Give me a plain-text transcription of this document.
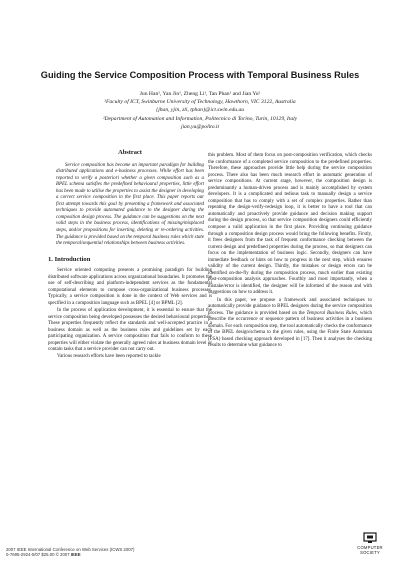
Guiding the Service Composition Process with Temporal Business Rules
Jun Han¹, Yan Jin¹, Zheng Li¹, Tan Phan¹ and Jian Yu²
¹Faculty of ICT, Swinburne University of Technology, Hawthorn, VIC 3122, Australia
{jhan, yjin, zli, tphan}@ict.swin.edu.au
²Department of Automation and Information, Politecnico di Torino, Turin, 10129, Italy
jian.yu@polito.it
Abstract

Service composition has become an important paradigm for building distributed applications and e-business processes. While effort has been reported to verify a posteriori whether a given composition such as a BPEL schema satisfies the predefined behavioural properties, little effort has been made to utilise the properties to assist the designer in developing a correct service composition in the first place. This paper reports our first attempt towards this goal by presenting a framework and associated techniques to provide automated guidance to the designer during the composition design process. The guidance can be suggestions on the next valid steps in the business process, identifications of missing/misplaced steps, and/or propositions for inserting, deleting or re-ordering activities. The guidance is provided based on the temporal business rules which state the temporal/sequential relationships between business activities.

1. Introduction

Service oriented computing presents a promising paradigm for building distributed software applications across organizational boundaries. It promotes the use of self-describing and platform-independent services as the fundamental computational elements to compose cross-organizational business processes. Typically, a service composition is done in the context of Web services and is specified in a composition language such as BPEL [4] or BPML [2].

In the process of application development, it is essential to ensure that the service composition being developed possesses the desired behavioural properties. These properties frequently reflect the standards and well-accepted practice in a business domain as well as the business rules and guidelines set by each participating organization. A service composition that fails to conform to these properties will either violate the generally agreed rules at business domain level or contain tasks that a service provider can not carry out.

Various research efforts have been reported to tackle

this problem. Most of them focus on post-composition verification, which checks the conformance of a completed service composition to the predefined properties. Therefore, these approaches provide little help during the service composition process. There also has been much research effort in automatic generation of service compositions. At current stage, however, the composition design is predominantly a human-driven process and is mainly accomplished by system developers. It is a complicated and tedious task to manually design a service composition that has to comply with a set of complex properties. Rather than repeating the design-verify-redesign loop, it is better to have a tool that can automatically and proactively provide guidance and decision making support during the design process, so that service composition designers could efficiently compose a valid application in the first place. Providing continuing guidance through a composition design process would bring the following benefits. Firstly, it frees designers from the task of frequent conformance checking between the current design and predefined properties during the process, so that designers can focus on the implementation of business logic. Secondly, designers can have immediate feedback or hints on how to progress in the next step, which ensures validity of the current design. Thirdly, the mistakes or design errors can be identified on-the-fly during the composition process, much earlier than existing post-composition analysis approaches. Fourthly and most importantly, when a mistake/error is identified, the designer will be informed of the reason and with suggestions on how to address it.

In this paper, we propose a framework and associated techniques to automatically provide guidance to BPEL designers during the service composition process. The guidance is provided based on the Temporal Business Rules, which prescribe the occurrence or sequence pattern of business activities in a business domain. For each composition step, the tool automatically checks the conformance of the BPEL design/schema to the given rules, using the Finite State Automata (FSA) based checking approach developed in [17]. Then it analyses the checking results to determine what guidance to

2007 IEEE International Conference on Web Services (ICWS 2007)
0-7695-2924-0/07 $25.00 © 2007 IEEE
COMPUTER
SOCIETY
